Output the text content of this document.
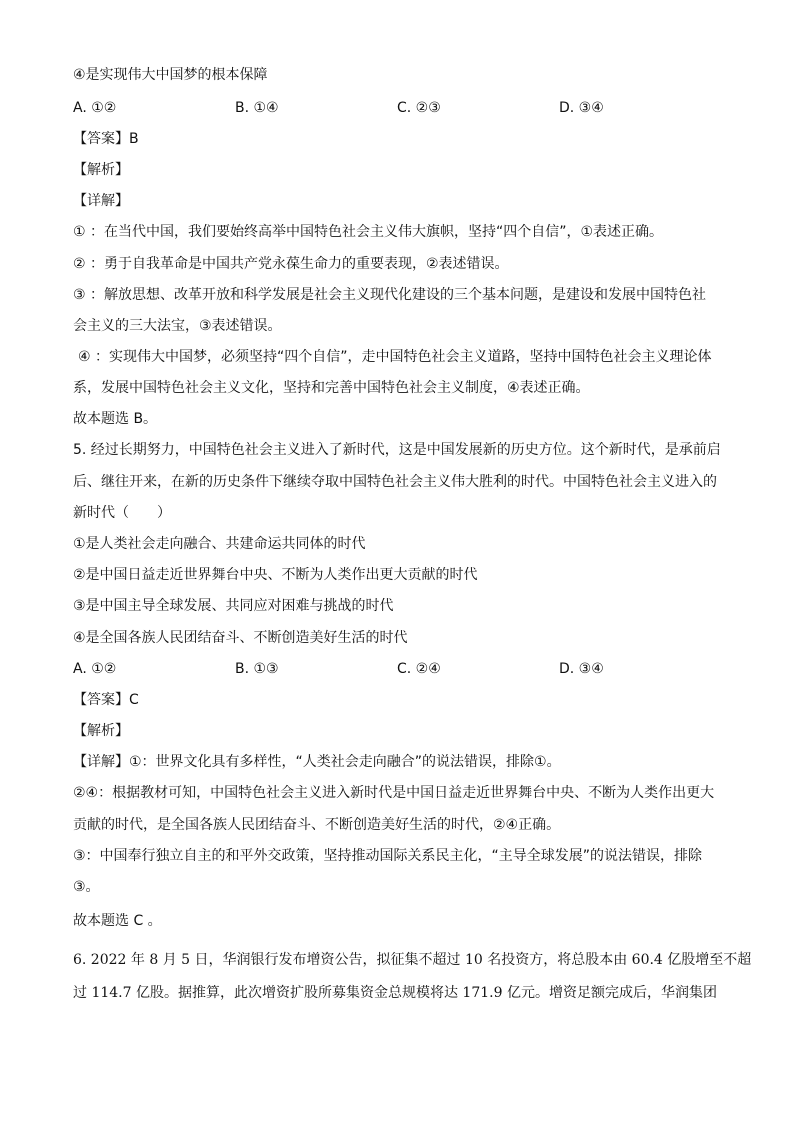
④是实现伟大中国梦的根本保障
A. ①②	B. ①④	C. ②③	D. ③④
【答案】B
【解析】
【详解】
① ：在当代中国，我们要始终高举中国特色社会主义伟大旗帜，坚持“四个自信”，①表述正确。
② ：勇于自我革命是中国共产党永葆生命力的重要表现，②表述错误。
③ ：解放思想、改革开放和科学发展是社会主义现代化建设的三个基本问题，是建设和发展中国特色社
会主义的三大法宝，③表述错误。
④ ：实现伟大中国梦，必须坚持“四个自信”，走中国特色社会主义道路，坚持中国特色社会主义理论体
系，发展中国特色社会主义文化，坚持和完善中国特色社会主义制度，④表述正确。
故本题选 B。
5. 经过长期努力，中国特色社会主义进入了新时代，这是中国发展新的历史方位。这个新时代，是承前启
后、继往开来，在新的历史条件下继续夺取中国特色社会主义伟大胜利的时代。中国特色社会主义进入的
新时代（　　）
①是人类社会走向融合、共建命运共同体的时代
②是中国日益走近世界舞台中央、不断为人类作出更大贡献的时代
③是中国主导全球发展、共同应对困难与挑战的时代
④是全国各族人民团结奋斗、不断创造美好生活的时代
A. ①②	B. ①③	C. ②④	D. ③④
【答案】C
【解析】
【详解】①：世界文化具有多样性，“人类社会走向融合”的说法错误，排除①。
②④：根据教材可知，中国特色社会主义进入新时代是中国日益走近世界舞台中央、不断为人类作出更大
贡献的时代，是全国各族人民团结奋斗、不断创造美好生活的时代，②④正确。
③：中国奉行独立自主的和平外交政策，坚持推动国际关系民主化，“主导全球发展”的说法错误，排除
③。
故本题选 C 。
6. 2022 年 8 月 5 日，华润银行发布增资公告，拟征集不超过 10 名投资方，将总股本由 60.4 亿股增至不超
过 114.7 亿股。据推算，此次增资扩股所募集资金总规模将达 171.9 亿元。增资足额完成后，华润集团
